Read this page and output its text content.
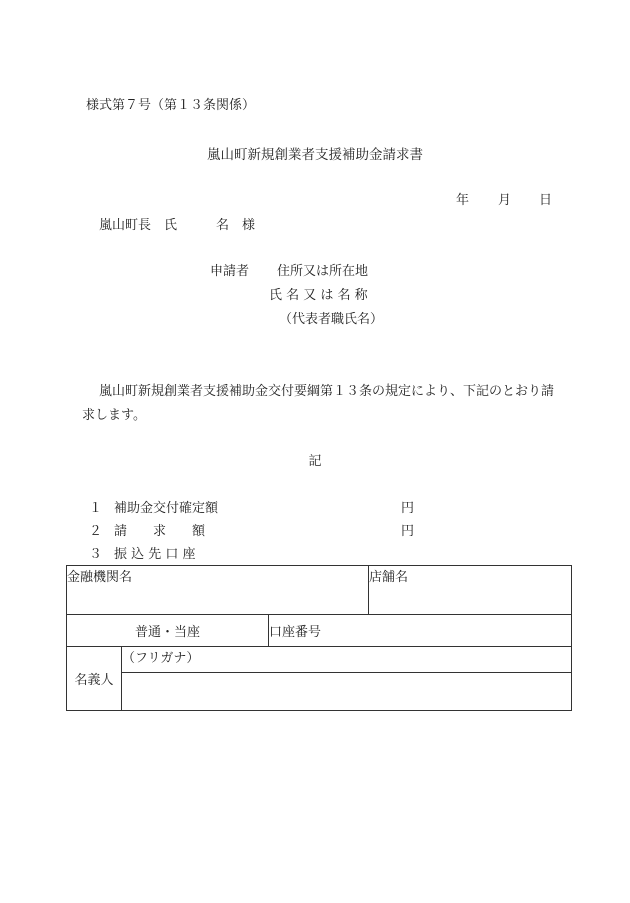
様式第７号（第１３条関係）
嵐山町新規創業者支援補助金請求書
年 月 日
嵐山町長　氏　　　名　様
申請者 住所又は所在地
氏 名 又 は 名 称
（代表者職氏名）
嵐山町新規創業者支援補助金交付要綱第１３条の規定により、下記のとおり請求します。
記
１ 補助金交付確定額	円
２ 請　　求　　額	円
３ 振 込 先 口 座
金融機関名			店舗名
普通・当座		口座番号	
名義人	（フリガナ）		
